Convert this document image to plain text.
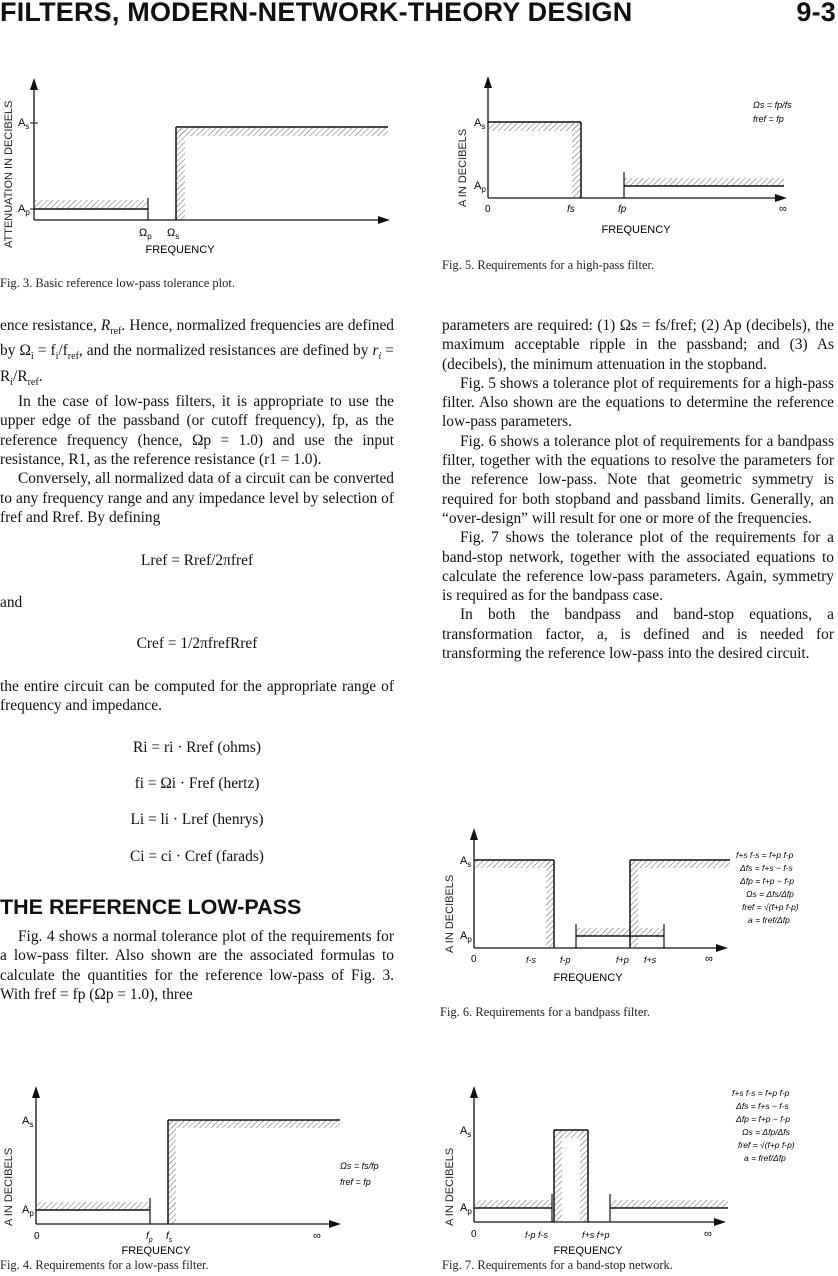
FILTERS, MODERN-NETWORK-THEORY DESIGN	9-3
ATTENUATION IN DECIBELS $A_s$
$A_p$
$\Omega_p$ $\Omega_s$
FREQUENCY
Fig. 3. Basic reference low-pass tolerance plot.
A IN DECIBELS
$A_s$
$A_p$
0	fs	fp	∞
FREQUENCY
Ωs = fp/fs
fref = fp
Fig. 5. Requirements for a high-pass filter.

ence resistance, $R_{ref}$. Hence, normalized frequencies are defined by $\Omega_i = f_i/f_{ref}$, and the normalized resistances are defined by $r_i = R_i/R_{ref}$.

In the case of low-pass filters, it is appropriate to use the upper edge of the passband (or cutoff frequency), fp, as the reference frequency (hence, Ωp = 1.0) and use the input resistance, R1, as the reference resistance (r1 = 1.0).

Conversely, all normalized data of a circuit can be converted to any frequency range and any impedance level by selection of fref and Rref. By defining

Lref = Rref/2πfref

and

Cref = 1/2πfrefRref

the entire circuit can be computed for the appropriate range of frequency and impedance.

Ri = ri · Rref (ohms)

fi = Ωi · Fref (hertz)

Li = li · Lref (henrys)

Ci = ci · Cref (farads)

THE REFERENCE LOW-PASS

Fig. 4 shows a normal tolerance plot of the requirements for a low-pass filter. Also shown are the associated formulas to calculate the quantities for the reference low-pass of Fig. 3. With fref = fp (Ωp = 1.0), three

parameters are required: (1) Ωs = fs/fref; (2) Ap (decibels), the maximum acceptable ripple in the passband; and (3) As (decibels), the minimum attenuation in the stopband.

Fig. 5 shows a tolerance plot of requirements for a high-pass filter. Also shown are the equations to determine the reference low-pass parameters.

Fig. 6 shows a tolerance plot of requirements for a bandpass filter, together with the equations to resolve the parameters for the reference low-pass. Note that geometric symmetry is required for both stopband and passband limits. Generally, an “over-design” will result for one or more of the frequencies.

Fig. 7 shows the tolerance plot of the requirements for a band-stop network, together with the associated equations to calculate the reference low-pass parameters. Again, symmetry is required as for the bandpass case.

In both the bandpass and band-stop equations, a transformation factor, a, is defined and is needed for transforming the reference low-pass into the desired circuit.

A IN DECIBELS
$A_s$
$A_p$
0	f-s	f-p	f+p f+s	∞
FREQUENCY
f+s f-s = f+p f-p
Δfs = f+s − f-s
Δfp = f+p − f-p
Ωs = Δfs/Δfp
fref = √(f+p f-p)
a = fref/Δfp
Fig. 6. Requirements for a bandpass filter.
A IN DECIBELS
$A_s$
$A_p$
0	$f_p$ $f_s$	∞
FREQUENCY
Ωs = fs/fp
fref = fp
Fig. 4. Requirements for a low-pass filter.
A IN DECIBELS
$A_s$
$A_p$
0	f-p f-s	f+s f+p	∞
FREQUENCY
f+s f-s = f+p f-p
Δfs = f+s − f-s
Δfp = f+p − f-p
Ωs = Δfp/Δfs
fref = √(f+p f-p)
a = fref/Δfp
Fig. 7. Requirements for a band-stop network.
